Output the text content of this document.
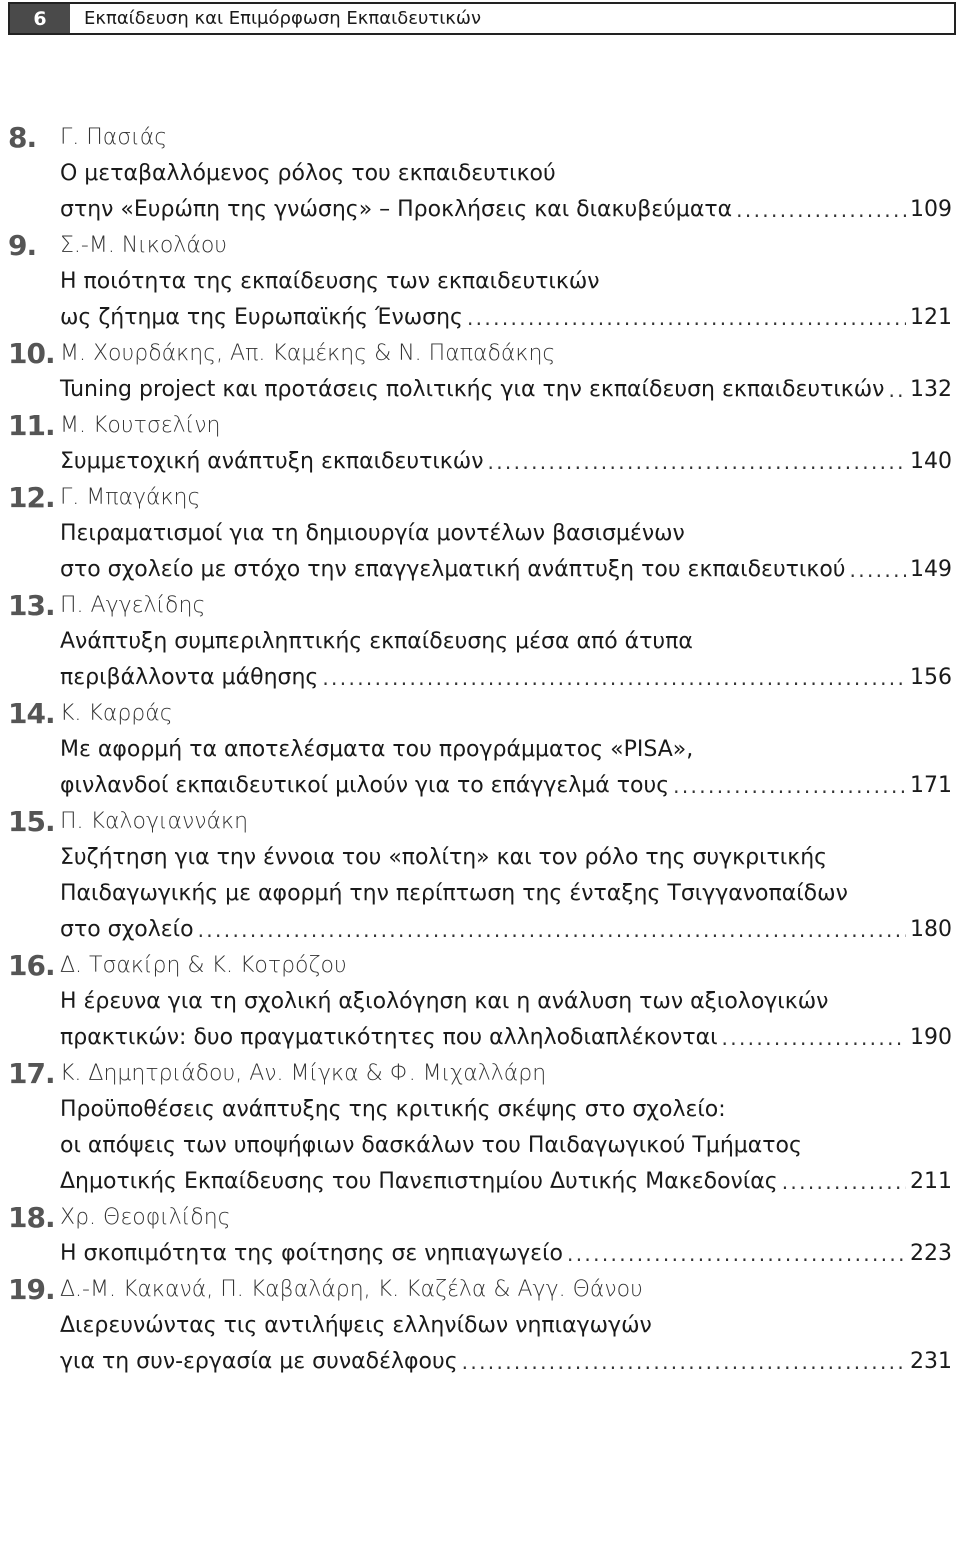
6	Εκπαίδευση και Επιμόρφωση Εκπαιδευτικών
8. Γ. Πασιάς
Ο μεταβαλλόμενος ρόλος του εκπαιδευτικού
στην «Ευρώπη της γνώσης» – Προκλήσεις και διακυβεύματα . . .	109
9. Σ.-Μ. Νικολάου
Η ποιότητα της εκπαίδευσης των εκπαιδευτικών
ως ζήτημα της Ευρωπαϊκής Ένωσης . . .	121
10. Μ. Χουρδάκης, Απ. Καμέκης & Ν. Παπαδάκης
Tuning project και προτάσεις πολιτικής για την εκπαίδευση εκπαιδευτικών . . . 132
11. Μ. Κουτσελίνη
Συμμετοχική ανάπτυξη εκπαιδευτικών . . .	140
12. Γ. Μπαγάκης
Πειραματισμοί για τη δημιουργία μοντέλων βασισμένων
στο σχολείο με στόχο την επαγγελματική ανάπτυξη του εκπαιδευτικού . . .	149
13. Π. Αγγελίδης
Ανάπτυξη συμπεριληπτικής εκπαίδευσης μέσα από άτυπα
περιβάλλοντα μάθησης . . .	156
14. Κ. Καρράς
Με αφορμή τα αποτελέσματα του προγράμματος «PISA»,
φινλανδοί εκπαιδευτικοί μιλούν για το επάγγελμά τους . . .	171
15. Π. Καλογιαννάκη
Συζήτηση για την έννοια του «πολίτη» και τον ρόλο της συγκριτικής
Παιδαγωγικής με αφορμή την περίπτωση της ένταξης Τσιγγανοπαίδων
στο σχολείο . . .	180
16. Δ. Τσακίρη & Κ. Κοτρόζου
Η έρευνα για τη σχολική αξιολόγηση και η ανάλυση των αξιολογικών
πρακτικών: δυο πραγματικότητες που αλληλοδιαπλέκονται . . .	190
17. Κ. Δημητριάδου, Αν. Μίγκα & Φ. Μιχαλλάρη
Προϋποθέσεις ανάπτυξης της κριτικής σκέψης στο σχολείο:
οι απόψεις των υποψήφιων δασκάλων του Παιδαγωγικού Τμήματος
Δημοτικής Εκπαίδευσης του Πανεπιστημίου Δυτικής Μακεδονίας . . .	211
18. Χρ. Θεοφιλίδης
Η σκοπιμότητα της φοίτησης σε νηπιαγωγείο . . .	223
19. Δ.-Μ. Κακανά, Π. Καβαλάρη, Κ. Καζέλα & Αγγ. Θάνου
Διερευνώντας τις αντιλήψεις ελληνίδων νηπιαγωγών
για τη συν-εργασία με συναδέλφους . . .	231
